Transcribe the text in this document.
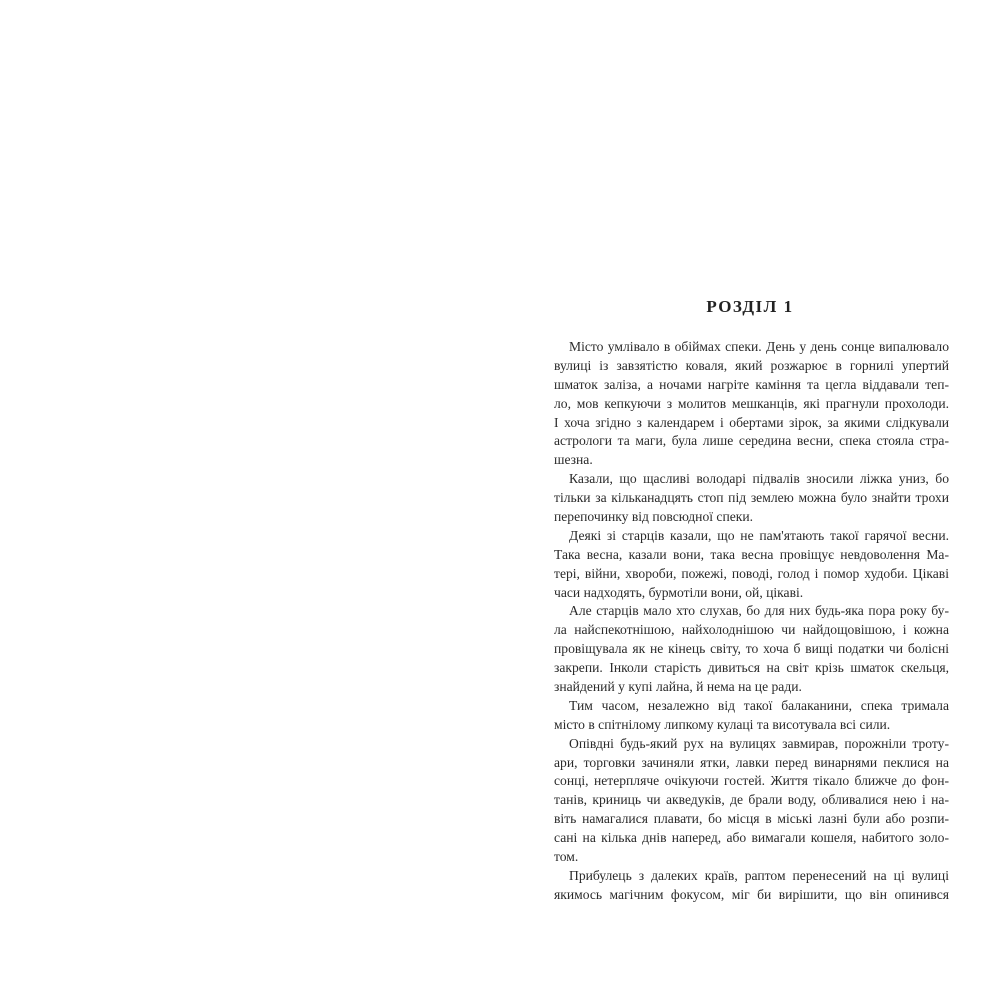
РОЗДІЛ 1
Місто умлівало в обіймах спеки. День у день сонце випалювало
вулиці із завзятістю коваля, який розжарює в горнилі упертий
шматок заліза, а ночами нагріте каміння та цегла віддавали теп-
ло, мов кепкуючи з молитов мешканців, які прагнули прохолоди.
І хоча згідно з календарем і обертами зірок, за якими слідкували
астрологи та маги, була лише середина весни, спека стояла стра-
шезна.
Казали, що щасливі володарі підвалів зносили ліжка униз, бо
тільки за кільканадцять стоп під землею можна було знайти трохи
перепочинку від повсюдної спеки.
Деякі зі старців казали, що не пам'ятають такої гарячої весни.
Така весна, казали вони, така весна провіщує невдоволення Ма-
тері, війни, хвороби, пожежі, поводі, голод і помор худоби. Цікаві
часи надходять, бурмотіли вони, ой, цікаві.
Але старців мало хто слухав, бо для них будь-яка пора року бу-
ла найспекотнішою, найхолоднішою чи найдощовішою, і кожна
провіщувала як не кінець світу, то хоча б вищі податки чи болісні
закрепи. Інколи старість дивиться на світ крізь шматок скельця,
знайдений у купі лайна, й нема на це ради.
Тим часом, незалежно від такої балаканини, спека тримала
місто в спітнілому липкому кулаці та висотувала всі сили.
Опівдні будь-який рух на вулицях завмирав, порожніли троту-
ари, торговки зачиняли ятки, лавки перед винарнями пеклися на
сонці, нетерпляче очікуючи гостей. Життя тікало ближче до фон-
танів, криниць чи акведуків, де брали воду, обливалися нею і на-
віть намагалися плавати, бо місця в міські лазні були або розпи-
сані на кілька днів наперед, або вимагали кошеля, набитого золо-
том.
Прибулець з далеких країв, раптом перенесений на ці вулиці
якимось магічним фокусом, міг би вирішити, що він опинився
